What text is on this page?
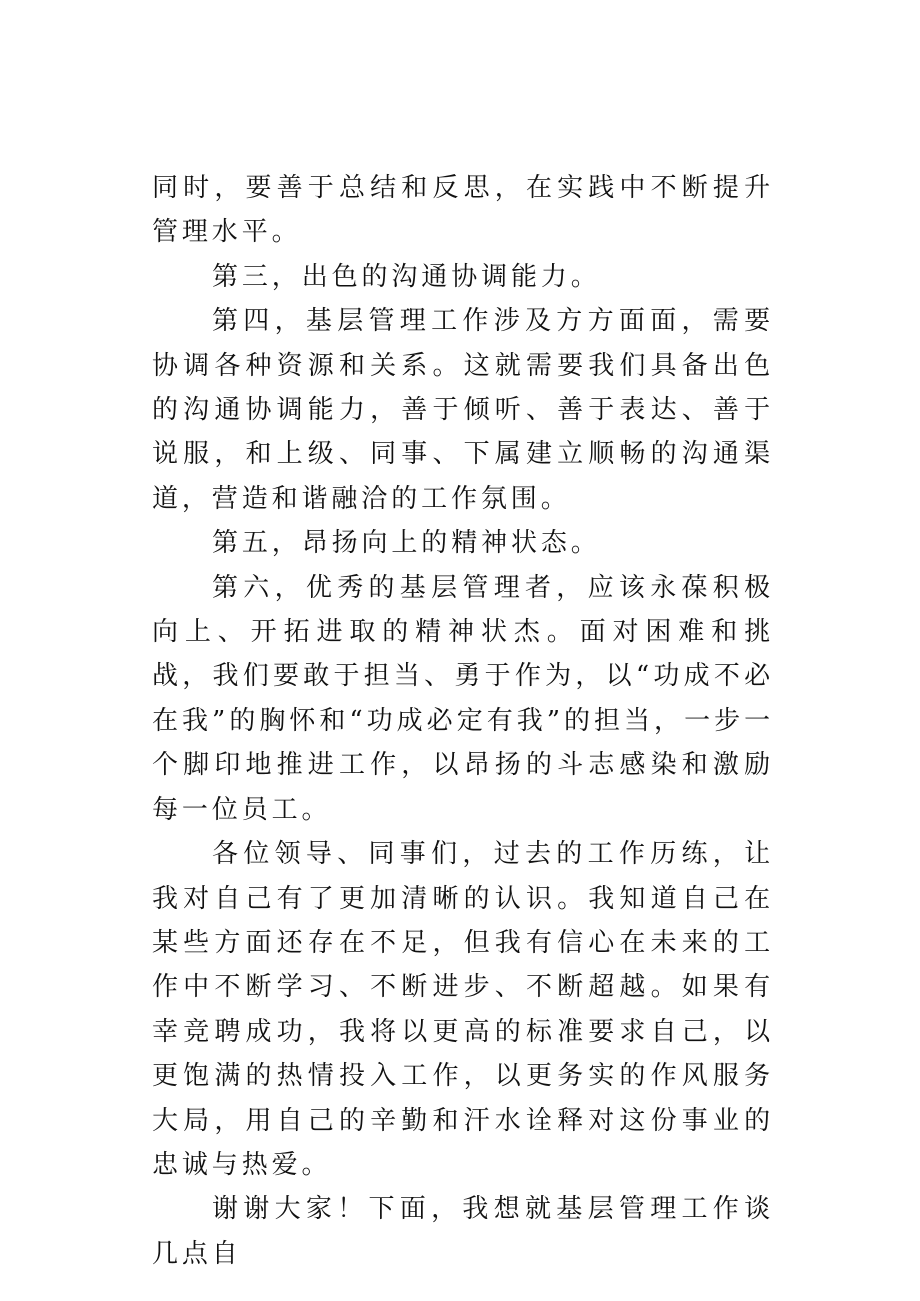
同时，要善于总结和反思，在实践中不断提升管理水平。

第三，出色的沟通协调能力。

第四，基层管理工作涉及方方面面，需要协调各种资源和关系。这就需要我们具备出色的沟通协调能力，善于倾听、善于表达、善于说服，和上级、同事、下属建立顺畅的沟通渠道，营造和谐融洽的工作氛围。

第五，昂扬向上的精神状态。

第六，优秀的基层管理者，应该永葆积极向上、开拓进取的精神状杰。面对困难和挑战，我们要敢于担当、勇于作为，以“功成不必在我”的胸怀和“功成必定有我”的担当，一步一个脚印地推进工作，以昂扬的斗志感染和激励每一位员工。

各位领导、同事们，过去的工作历练，让我对自己有了更加清晰的认识。我知道自己在某些方面还存在不足，但我有信心在未来的工作中不断学习、不断进步、不断超越。如果有幸竞聘成功，我将以更高的标准要求自己，以更饱满的热情投入工作，以更务实的作风服务大局，用自己的辛勤和汗水诠释对这份事业的忠诚与热爱。

谢谢大家！下面，我想就基层管理工作谈几点自
